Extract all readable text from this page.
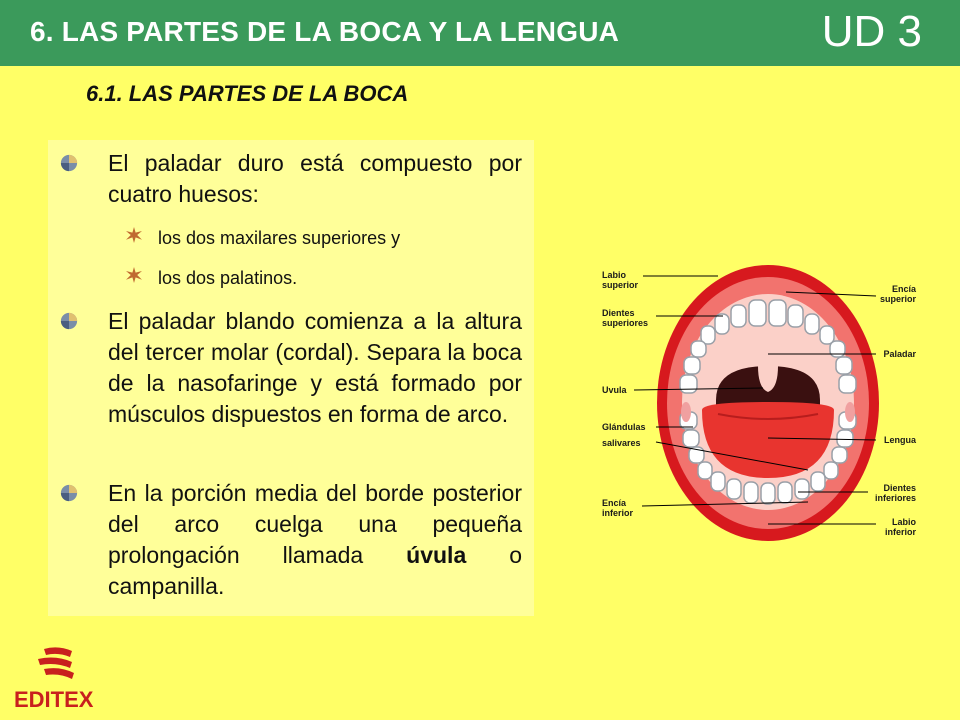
6. LAS PARTES DE LA BOCA Y LA LENGUA	UD 3
6.1. LAS PARTES DE LA BOCA
El paladar duro está compuesto por cuatro huesos:
los dos maxilares superiores y
los dos palatinos.
El paladar blando comienza a la altura del tercer molar (cordal). Separa la boca de la nasofaringe y está formado por músculos dispuestos en forma de arco.
En la porción media del borde posterior del arco cuelga una pequeña prolongación llamada úvula o campanilla.
Labio
superior
Dientes
superiores
Uvula
Glándulas
salivares
Encía
inferior
Encía
superior
Paladar
Lengua
Dientes
inferiores
Labio
inferior
EDITEX
